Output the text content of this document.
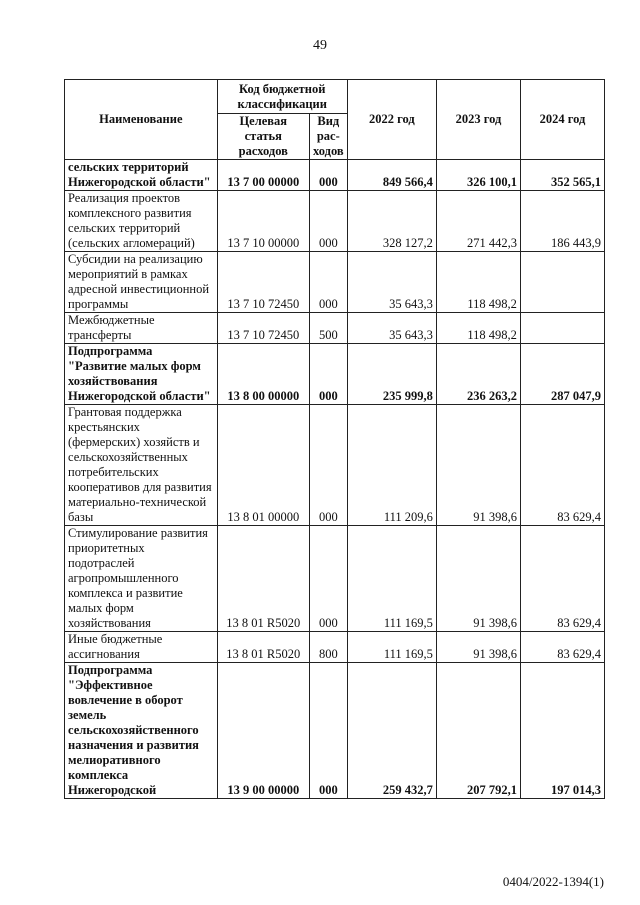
49
Наименование	Код бюджетной классификации		2022 год	2023 год	2024 год
	Целевая статья расходов	Вид рас-ходов			
сельских территорий Нижегородской области"	13 7 00 00000	000	849 566,4	326 100,1	352 565,1
Реализация проектов комплексного развития сельских территорий (сельских агломераций)	13 7 10 00000	000	328 127,2	271 442,3	186 443,9
Субсидии на реализацию мероприятий в рамках адресной инвестиционной программы	13 7 10 72450	000	35 643,3	118 498,2	
Межбюджетные трансферты	13 7 10 72450	500	35 643,3	118 498,2	
Подпрограмма "Развитие малых форм хозяйствования Нижегородской области"	13 8 00 00000	000	235 999,8	236 263,2	287 047,9
Грантовая поддержка крестьянских (фермерских) хозяйств и сельскохозяйственных потребительских кооперативов для развития материально-технической базы	13 8 01 00000	000	111 209,6	91 398,6	83 629,4
Стимулирование развития приоритетных подотраслей агропромышленного комплекса и развитие малых форм хозяйствования	13 8 01 R5020	000	111 169,5	91 398,6	83 629,4
Иные бюджетные ассигнования	13 8 01 R5020	800	111 169,5	91 398,6	83 629,4
Подпрограмма "Эффективное вовлечение в оборот земель сельскохозяйственного назначения и развития мелиоративного комплекса Нижегородской	13 9 00 00000	000	259 432,7	207 792,1	197 014,3
0404/2022-1394(1)
